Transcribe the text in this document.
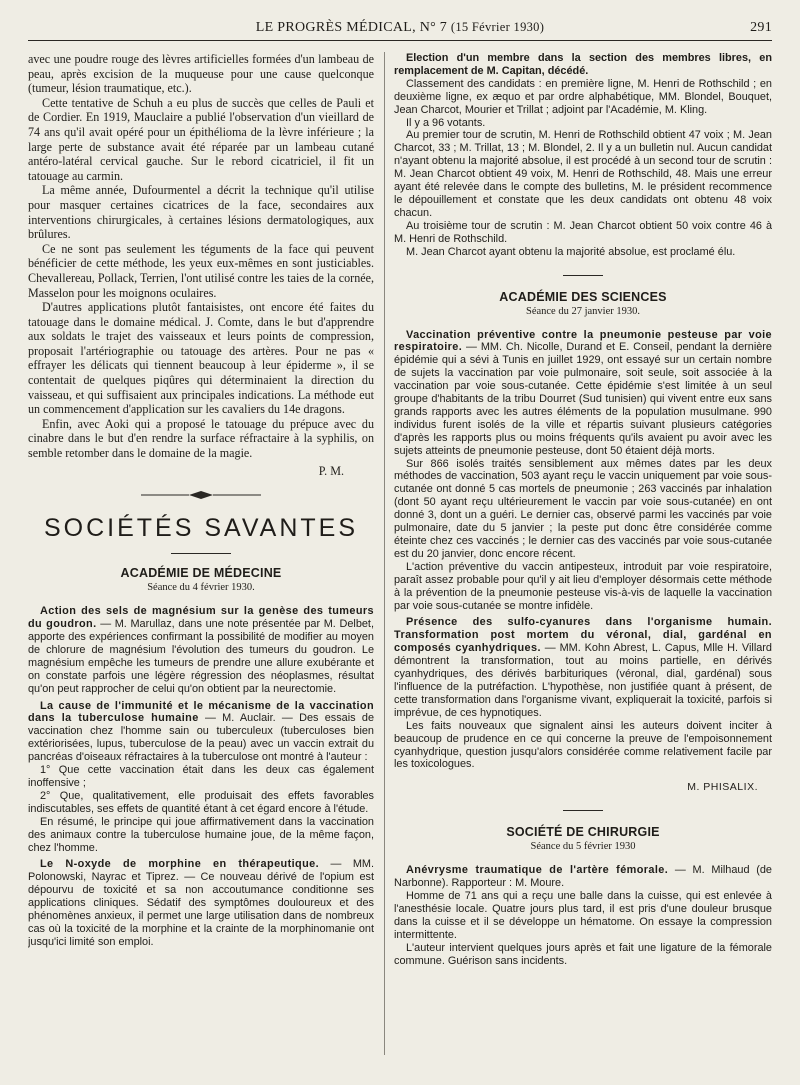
LE PROGRÈS MÉDICAL, N° 7 (15 Février 1930)	291

avec une poudre rouge des lèvres artificielles formées d'un lambeau de peau, après excision de la muqueuse pour une cause quelconque (tumeur, lésion traumatique, etc.).

Cette tentative de Schuh a eu plus de succès que celles de Pauli et de Cordier. En 1919, Mauclaire a publié l'observation d'un vieillard de 74 ans qu'il avait opéré pour un épithélioma de la lèvre inférieure ; la large perte de substance avait été réparée par un lambeau cutané antéro-latéral cervical gauche. Sur le rebord cicatriciel, il fit un tatouage au carmin.

La même année, Dufourmentel a décrit la technique qu'il utilise pour masquer certaines cicatrices de la face, secondaires aux interventions chirurgicales, à certaines lésions dermatologiques, aux brûlures.

Ce ne sont pas seulement les téguments de la face qui peuvent bénéficier de cette méthode, les yeux eux-mêmes en sont justiciables. Chevallereau, Pollack, Terrien, l'ont utilisé contre les taies de la cornée, Masselon pour les moignons oculaires.

D'autres applications plutôt fantaisistes, ont encore été faites du tatouage dans le domaine médical. J. Comte, dans le but d'apprendre aux soldats le trajet des vaisseaux et leurs points de compression, proposait l'artériographie ou tatouage des artères. Pour ne pas « effrayer les délicats qui tiennent beaucoup à leur épiderme », il se contentait de quelques piqûres qui déterminaient la direction du vaisseau, et qui suffisaient aux principales indications. La méthode eut un commencement d'application sur les cavaliers du 14e dragons.

Enfin, avec Aoki qui a proposé le tatouage du prépuce avec du cinabre dans le but d'en rendre la surface réfractaire à la syphilis, on semble retomber dans le domaine de la magie.

P. M.

SOCIÉTÉS SAVANTES
ACADÉMIE DE MÉDECINE
Séance du 4 février 1930.

Action des sels de magnésium sur la genèse des tumeurs du goudron. — M. Marullaz, dans une note présentée par M. Delbet, apporte des expériences confirmant la possibilité de modifier au moyen de chlorure de magnésium l'évolution des tumeurs du goudron. Le magnésium empêche les tumeurs de prendre une allure exubérante et on constate parfois une légère régression des néoplasmes, résultat qu'on peut rapprocher de celui qu'on obtient par la neurectomie.

La cause de l'immunité et le mécanisme de la vaccination dans la tuberculose humaine — M. Auclair. — Des essais de vaccination chez l'homme sain ou tuberculeux (tuberculoses bien extériorisées, lupus, tuberculose de la peau) avec un vaccin extrait du pancréas d'oiseaux réfractaires à la tuberculose ont montré à l'auteur :

1° Que cette vaccination était dans les deux cas également inoffensive ;

2° Que, qualitativement, elle produisait des effets favorables indiscutables, ses effets de quantité étant à cet égard encore à l'étude.

En résumé, le principe qui joue affirmativement dans la vaccination des animaux contre la tuberculose humaine joue, de la même façon, chez l'homme.

Le N-oxyde de morphine en thérapeutique. — MM. Polonowski, Nayrac et Tiprez. — Ce nouveau dérivé de l'opium est dépourvu de toxicité et sa non accoutumance conditionne ses applications cliniques. Sédatif des symptômes douloureux et des phénomènes anxieux, il permet une large utilisation dans de nombreux cas où la toxicité de la morphine et la crainte de la morphinomanie ont jusqu'ici limité son emploi.

Election d'un membre dans la section des membres libres, en remplacement de M. Capitan, décédé.

Classement des candidats : en première ligne, M. Henri de Rothschild ; en deuxième ligne, ex æquo et par ordre alphabétique, MM. Blondel, Bouquet, Jean Charcot, Mourier et Trillat ; adjoint par l'Académie, M. Kling.

Il y a 96 votants.

Au premier tour de scrutin, M. Henri de Rothschild obtient 47 voix ; M. Jean Charcot, 33 ; M. Trillat, 13 ; M. Blondel, 2. Il y a un bulletin nul. Aucun candidat n'ayant obtenu la majorité absolue, il est procédé à un second tour de scrutin : M. Jean Charcot obtient 49 voix, M. Henri de Rothschild, 48. Mais une erreur ayant été relevée dans le compte des bulletins, M. le président recommence le dépouillement et constate que les deux candidats ont obtenu 48 voix chacun.

Au troisième tour de scrutin : M. Jean Charcot obtient 50 voix contre 46 à M. Henri de Rothschild.

M. Jean Charcot ayant obtenu la majorité absolue, est proclamé élu.

ACADÉMIE DES SCIENCES
Séance du 27 janvier 1930.

Vaccination préventive contre la pneumonie pesteuse par voie respiratoire. — MM. Ch. Nicolle, Durand et E. Conseil, pendant la dernière épidémie qui a sévi à Tunis en juillet 1929, ont essayé sur un certain nombre de sujets la vaccination par voie pulmonaire, soit seule, soit associée à la vaccination par voie sous-cutanée. Cette épidémie s'est limitée à un seul groupe d'habitants de la tribu Dourret (Sud tunisien) qui vivent entre eux sans grands rapports avec les autres éléments de la population musulmane. 990 individus furent isolés de la ville et répartis suivant plusieurs catégories d'après les rapports plus ou moins fréquents qu'ils avaient pu avoir avec les sujets atteints de pneumonie pesteuse, dont 50 étaient déjà morts.

Sur 866 isolés traités sensiblement aux mêmes dates par les deux méthodes de vaccination, 503 ayant reçu le vaccin uniquement par voie sous-cutanée ont donné 5 cas mortels de pneumonie ; 263 vaccinés par inhalation (dont 50 ayant reçu ultérieurement le vaccin par voie sous-cutanée) en ont donné 3, dont un a guéri. Le dernier cas, observé parmi les vaccinés par voie pulmonaire, date du 5 janvier ; la peste put donc être considérée comme éteinte chez ces vaccinés ; le dernier cas des vaccinés par voie sous-cutanée est du 20 janvier, donc encore récent.

L'action préventive du vaccin antipesteux, introduit par voie respiratoire, paraît assez probable pour qu'il y ait lieu d'employer désormais cette méthode à la prévention de la pneumonie pesteuse vis-à-vis de laquelle la vaccination par voie sous-cutanée se montre infidèle.

Présence des sulfo-cyanures dans l'organisme humain. Transformation post mortem du véronal, dial, gardénal en composés cyanhydriques. — MM. Kohn Abrest, L. Capus, Mlle H. Villard démontrent la transformation, tout au moins partielle, en dérivés cyanhydriques, des dérivés barbituriques (véronal, dial, gardénal) sous l'influence de la putréfaction. L'hypothèse, non justifiée quant à présent, de cette transformation dans l'organisme vivant, expliquerait la toxicité, parfois si imprévue, de ces hypnotiques.

Les faits nouveaux que signalent ainsi les auteurs doivent inciter à beaucoup de prudence en ce qui concerne la preuve de l'empoisonnement cyanhydrique, question jusqu'alors considérée comme relativement facile par les toxicologues.

M. PHISALIX.

SOCIÉTÉ DE CHIRURGIE
Séance du 5 février 1930

Anévrysme traumatique de l'artère fémorale. — M. Milhaud (de Narbonne). Rapporteur : M. Moure.

Homme de 71 ans qui a reçu une balle dans la cuisse, qui est enlevée à l'anesthésie locale. Quatre jours plus tard, il est pris d'une douleur brusque dans la cuisse et il se développe un hématome. On essaye la compression intermittente.

L'auteur intervient quelques jours après et fait une ligature de la fémorale commune. Guérison sans incidents.
